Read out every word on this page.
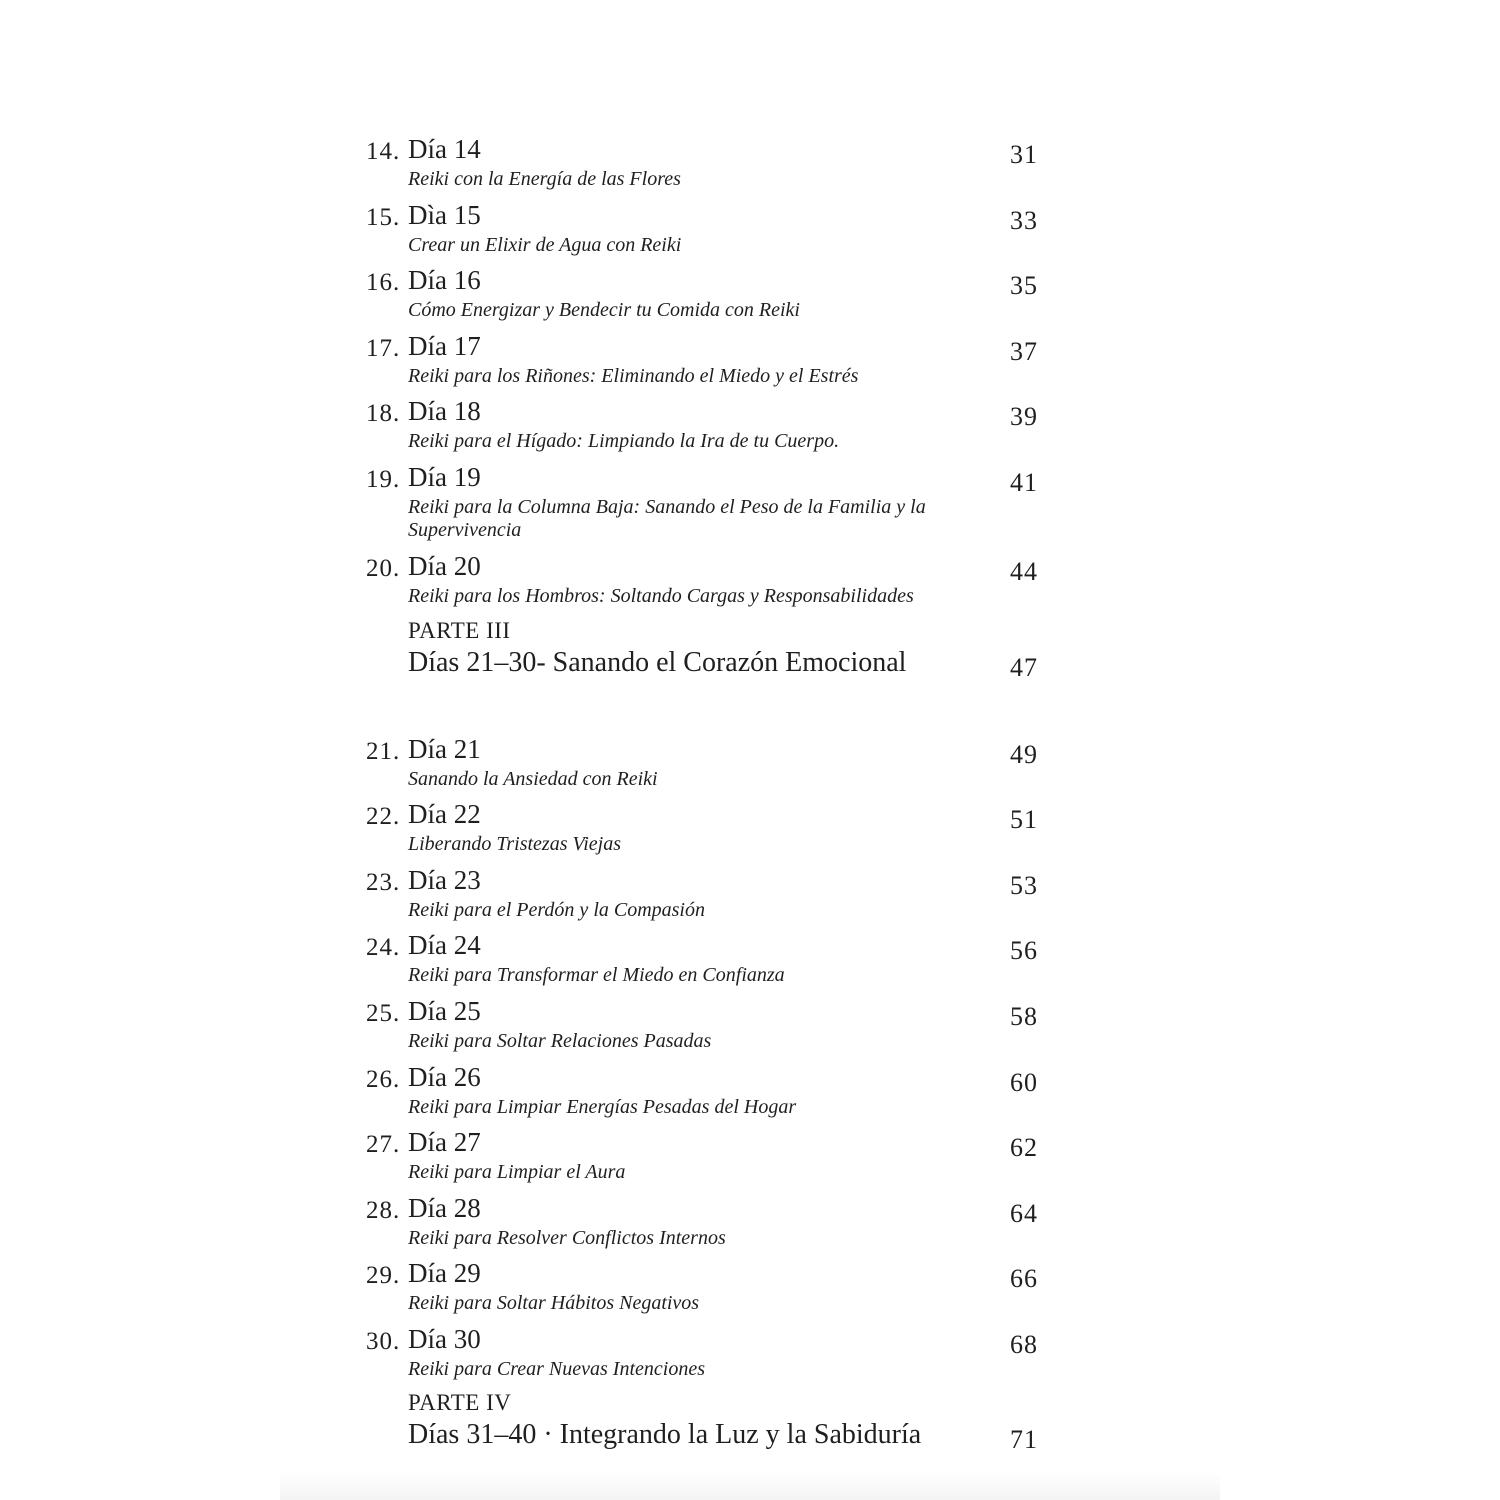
14. Día 14
Reiki con la Energía de las Flores
31
15. Dìa 15
Crear un Elixir de Agua con Reiki
33
16. Día 16
Cómo Energizar y Bendecir tu Comida con Reiki
35
17. Día 17
Reiki para los Riñones: Eliminando el Miedo y el Estrés
37
18. Día 18
Reiki para el Hígado: Limpiando la Ira de tu Cuerpo.
39
19. Día 19
Reiki para la Columna Baja: Sanando el Peso de la Familia y la Supervivencia
41
20. Día 20
Reiki para los Hombros: Soltando Cargas y Responsabilidades
44
PARTE III
Días 21–30- Sanando el Corazón Emocional	47
21. Día 21
Sanando la Ansiedad con Reiki
49
22. Día 22
Liberando Tristezas Viejas
51
23. Día 23
Reiki para el Perdón y la Compasión
53
24. Día 24
Reiki para Transformar el Miedo en Confianza
56
25. Día 25
Reiki para Soltar Relaciones Pasadas
58
26. Día 26
Reiki para Limpiar Energías Pesadas del Hogar
60
27. Día 27
Reiki para Limpiar el Aura
62
28. Día 28
Reiki para Resolver Conflictos Internos
64
29. Día 29
Reiki para Soltar Hábitos Negativos
66
30. Día 30
Reiki para Crear Nuevas Intenciones
68
PARTE IV
Días 31–40 · Integrando la Luz y la Sabiduría	71
